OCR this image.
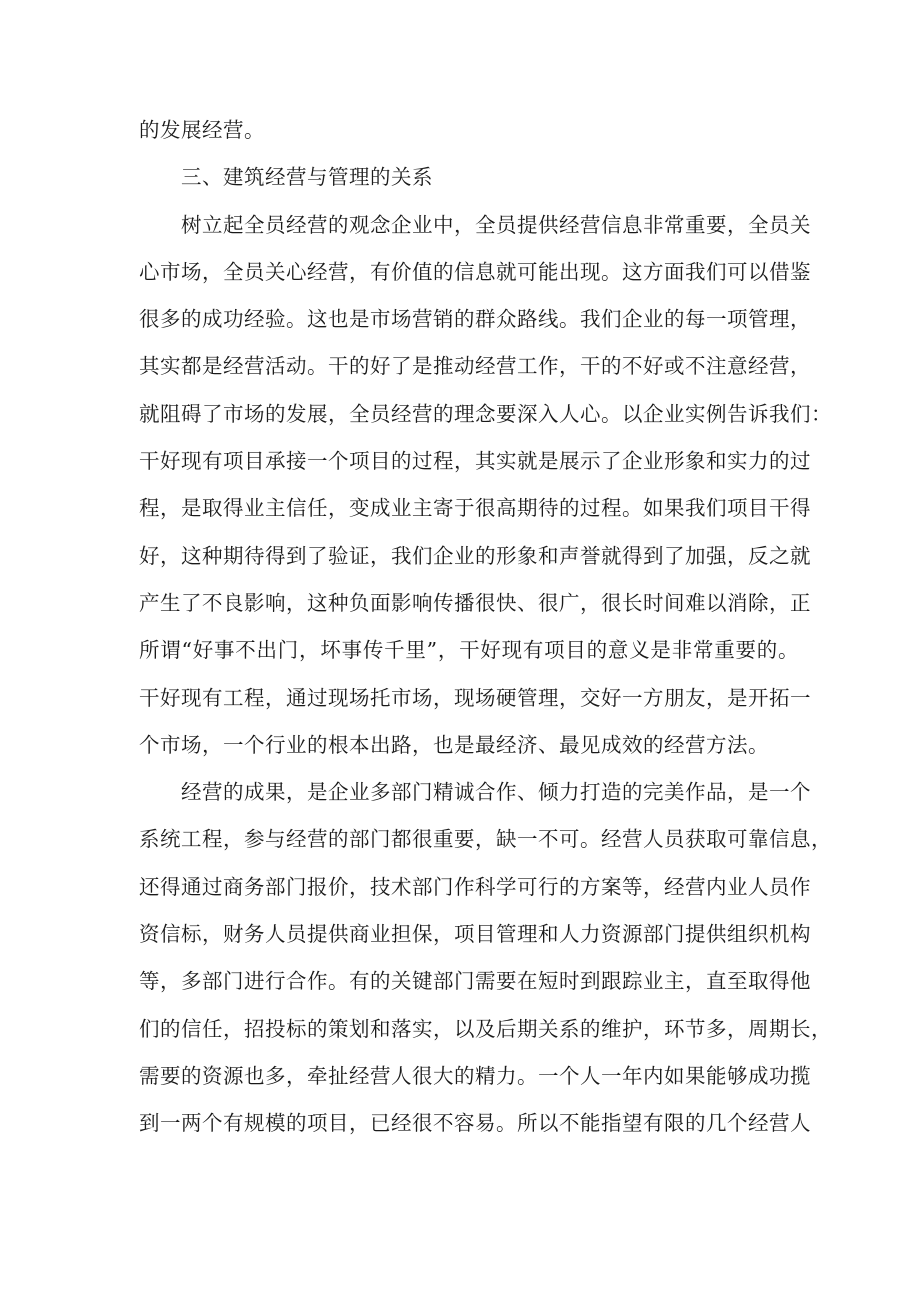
的发展经营。
三、建筑经营与管理的关系
树立起全员经营的观念企业中，全员提供经营信息非常重要，全员关
心市场，全员关心经营，有价值的信息就可能出现。这方面我们可以借鉴
很多的成功经验。这也是市场营销的群众路线。我们企业的每一项管理，
其实都是经营活动。干的好了是推动经营工作，干的不好或不注意经营，
就阻碍了市场的发展，全员经营的理念要深入人心。以企业实例告诉我们：
干好现有项目承接一个项目的过程，其实就是展示了企业形象和实力的过
程，是取得业主信任，变成业主寄于很高期待的过程。如果我们项目干得
好，这种期待得到了验证，我们企业的形象和声誉就得到了加强，反之就
产生了不良影响，这种负面影响传播很快、很广，很长时间难以消除，正
所谓“好事不出门，坏事传千里”，干好现有项目的意义是非常重要的。
干好现有工程，通过现场托市场，现场硬管理，交好一方朋友，是开拓一
个市场，一个行业的根本出路，也是最经济、最见成效的经营方法。
经营的成果，是企业多部门精诚合作、倾力打造的完美作品，是一个
系统工程，参与经营的部门都很重要，缺一不可。经营人员获取可靠信息，
还得通过商务部门报价，技术部门作科学可行的方案等，经营内业人员作
资信标，财务人员提供商业担保，项目管理和人力资源部门提供组织机构
等，多部门进行合作。有的关键部门需要在短时到跟踪业主，直至取得他
们的信任，招投标的策划和落实，以及后期关系的维护，环节多，周期长，
需要的资源也多，牵扯经营人很大的精力。一个人一年内如果能够成功揽
到一两个有规模的项目，已经很不容易。所以不能指望有限的几个经营人
